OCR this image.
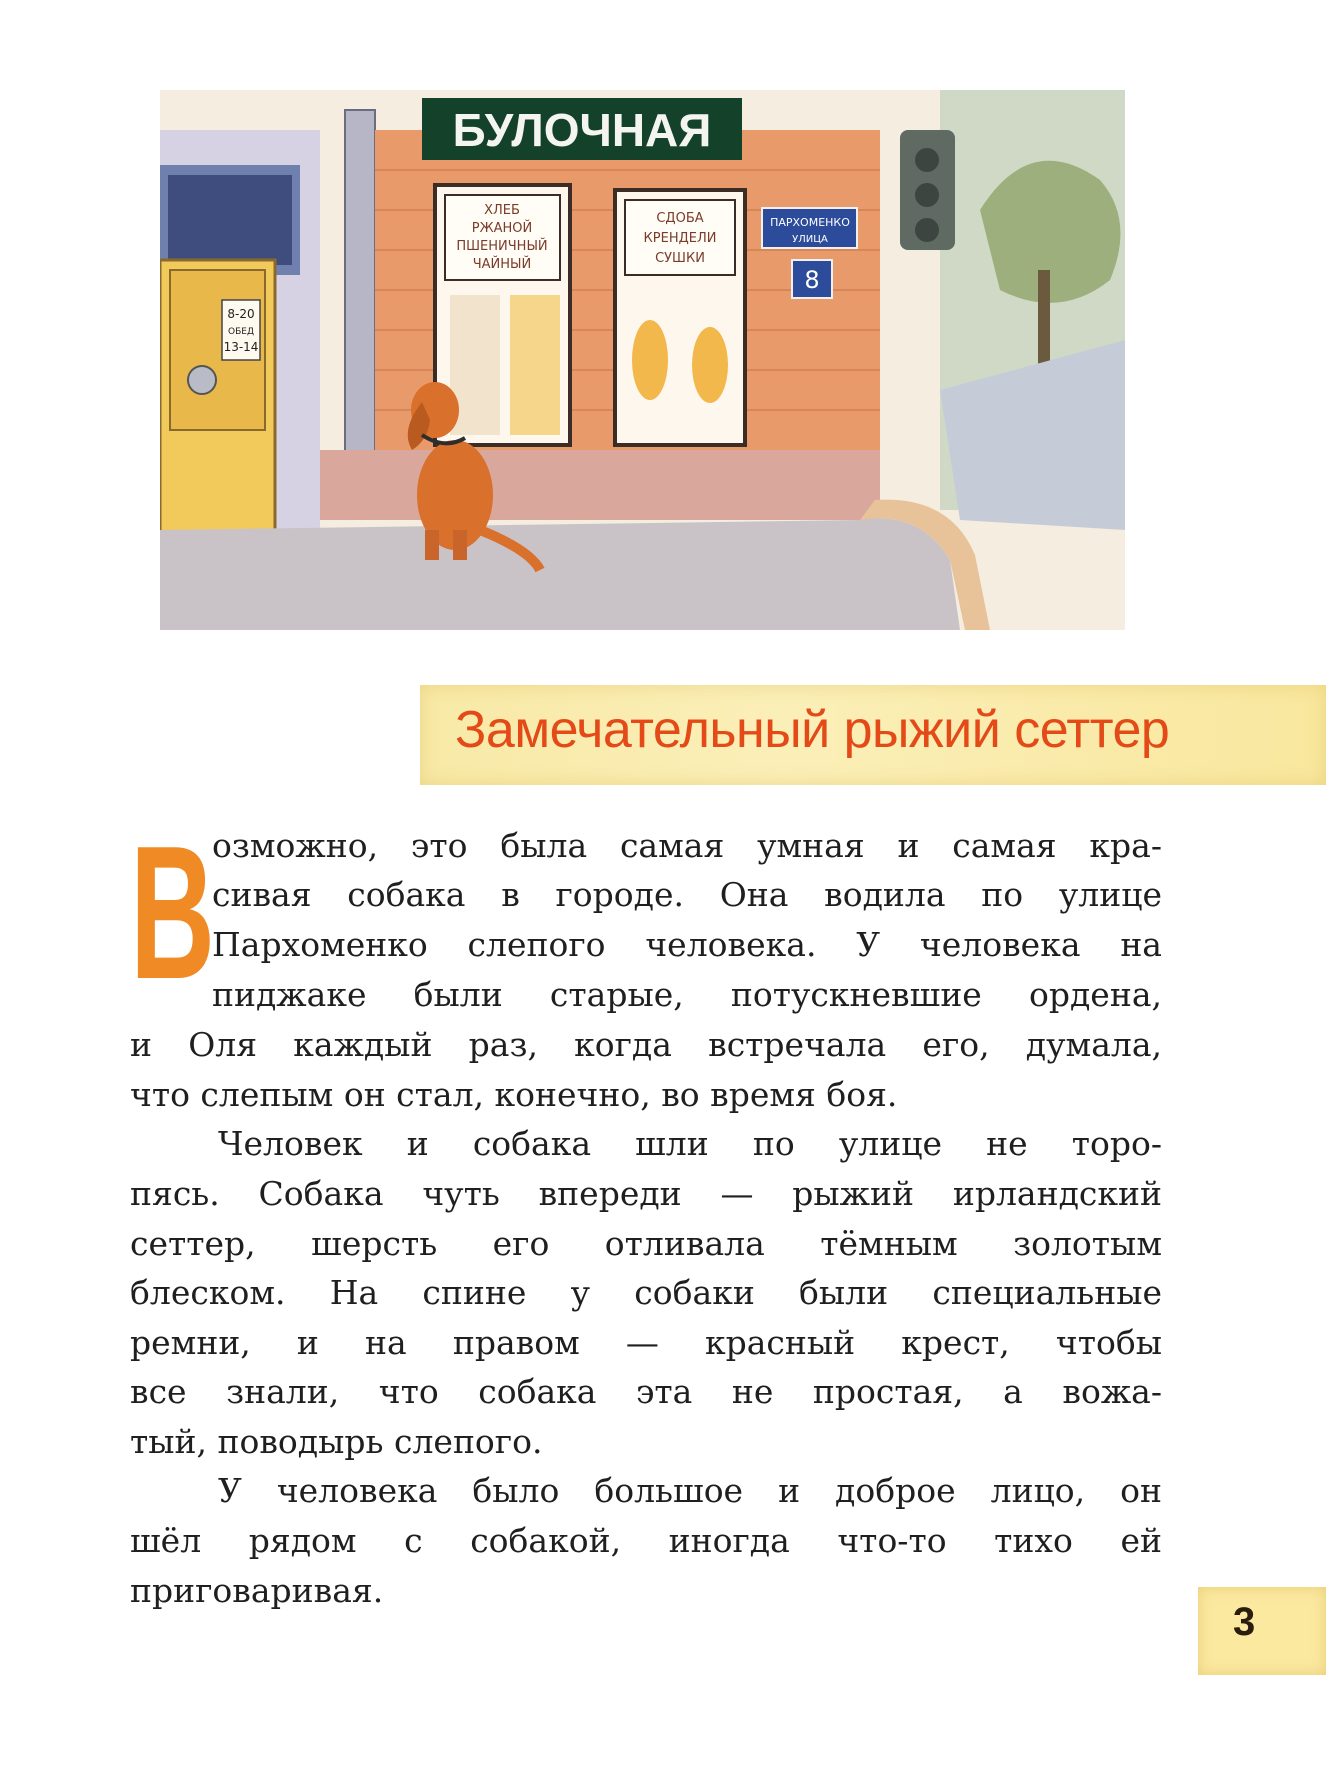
8-20
ОБЕД
13-14
БУЛОЧНАЯ
ХЛЕБ
РЖАНОЙ
ПШЕНИЧНЫЙ
ЧАЙНЫЙ
СДОБА
КРЕНДЕЛИ
СУШКИ
ПАРХОМЕНКО
УЛИЦА
8
Замечательный рыжий сеттер
В
озможно, это была самая умная и самая кра-
сивая собака в городе. Она водила по улице
Пархоменко слепого человека. У человека на
пиджаке были старые, потускневшие ордена,
и Оля каждый раз, когда встречала его, думала,
что слепым он стал, конечно, во время боя.
Человек и собака шли по улице не торо-
пясь. Собака чуть впереди — рыжий ирландский
сеттер, шерсть его отливала тёмным золотым
блеском. На спине у собаки были специальные
ремни, и на правом — красный крест, чтобы
все знали, что собака эта не простая, а вожа-
тый, поводырь слепого.
У человека было большое и доброе лицо, он
шёл рядом с собакой, иногда что-то тихо ей
приговаривая.
3
